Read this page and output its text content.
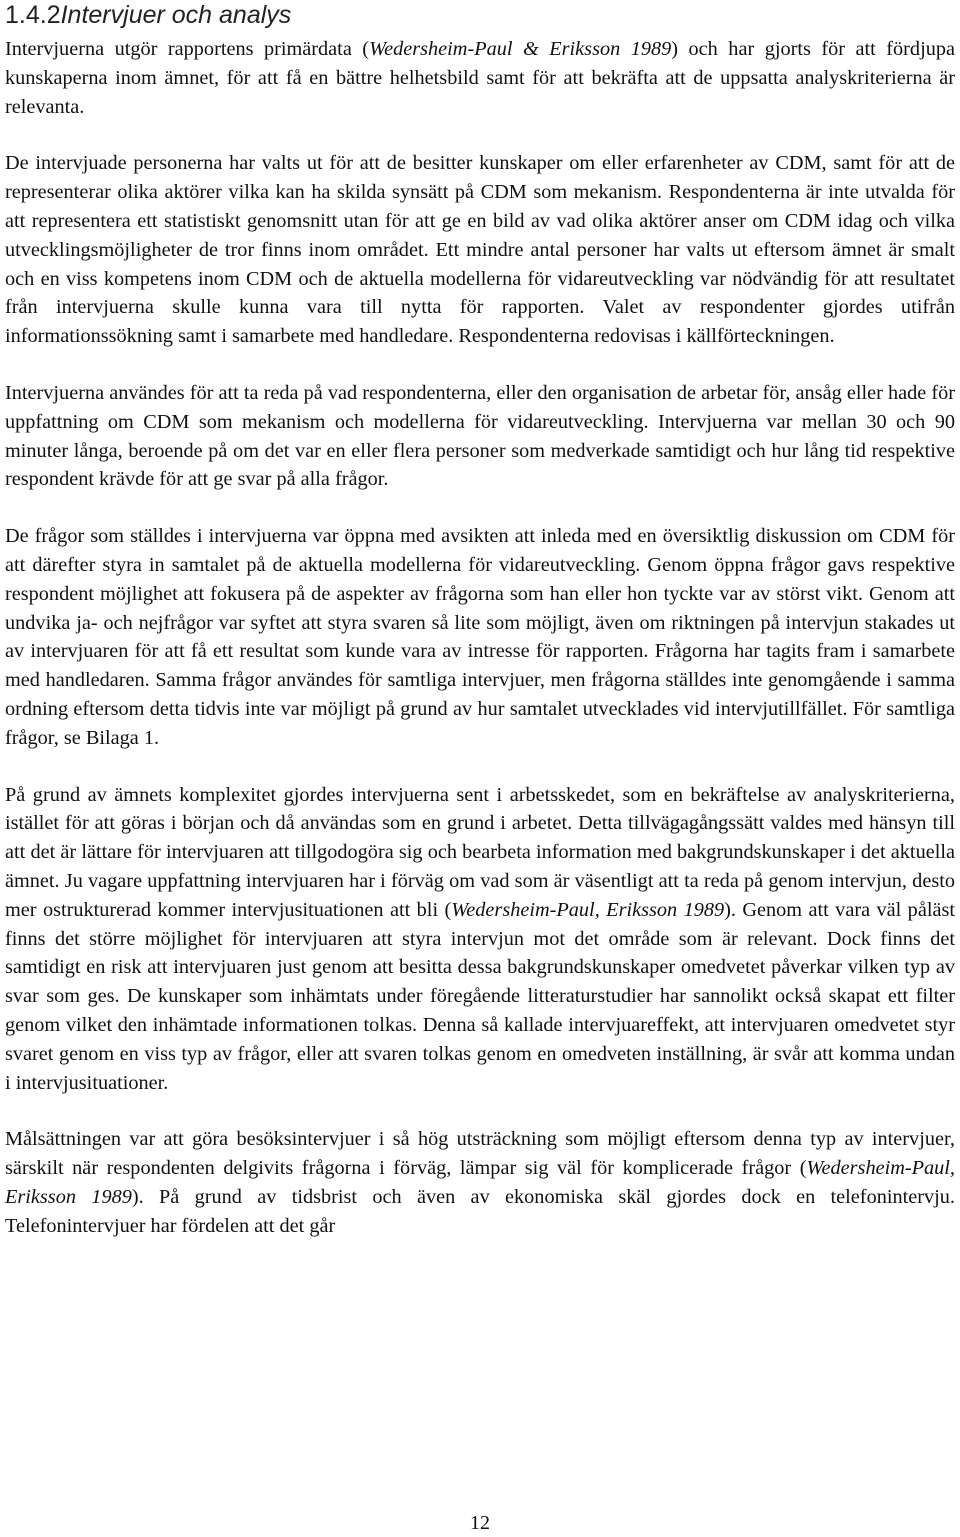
1.4.2Intervjuer och analys

Intervjuerna utgör rapportens primärdata (Wedersheim-Paul & Eriksson 1989) och har gjorts för att fördjupa kunskaperna inom ämnet, för att få en bättre helhetsbild samt för att bekräfta att de uppsatta analyskriterierna är relevanta.

De intervjuade personerna har valts ut för att de besitter kunskaper om eller erfarenheter av CDM, samt för att de representerar olika aktörer vilka kan ha skilda synsätt på CDM som mekanism. Respondenterna är inte utvalda för att representera ett statistiskt genomsnitt utan för att ge en bild av vad olika aktörer anser om CDM idag och vilka utvecklingsmöjligheter de tror finns inom området. Ett mindre antal personer har valts ut eftersom ämnet är smalt och en viss kompetens inom CDM och de aktuella modellerna för vidareutveckling var nödvändig för att resultatet från intervjuerna skulle kunna vara till nytta för rapporten. Valet av respondenter gjordes utifrån informationssökning samt i samarbete med handledare. Respondenterna redovisas i källförteckningen.

Intervjuerna användes för att ta reda på vad respondenterna, eller den organisation de arbetar för, ansåg eller hade för uppfattning om CDM som mekanism och modellerna för vidareutveckling. Intervjuerna var mellan 30 och 90 minuter långa, beroende på om det var en eller flera personer som medverkade samtidigt och hur lång tid respektive respondent krävde för att ge svar på alla frågor.

De frågor som ställdes i intervjuerna var öppna med avsikten att inleda med en översiktlig diskussion om CDM för att därefter styra in samtalet på de aktuella modellerna för vidareutveckling. Genom öppna frågor gavs respektive respondent möjlighet att fokusera på de aspekter av frågorna som han eller hon tyckte var av störst vikt. Genom att undvika ja- och nejfrågor var syftet att styra svaren så lite som möjligt, även om riktningen på intervjun stakades ut av intervjuaren för att få ett resultat som kunde vara av intresse för rapporten. Frågorna har tagits fram i samarbete med handledaren. Samma frågor användes för samtliga intervjuer, men frågorna ställdes inte genomgående i samma ordning eftersom detta tidvis inte var möjligt på grund av hur samtalet utvecklades vid intervjutillfället. För samtliga frågor, se Bilaga 1.

På grund av ämnets komplexitet gjordes intervjuerna sent i arbetsskedet, som en bekräftelse av analyskriterierna, istället för att göras i början och då användas som en grund i arbetet. Detta tillvägagångssätt valdes med hänsyn till att det är lättare för intervjuaren att tillgodogöra sig och bearbeta information med bakgrundskunskaper i det aktuella ämnet. Ju vagare uppfattning intervjuaren har i förväg om vad som är väsentligt att ta reda på genom intervjun, desto mer ostrukturerad kommer intervjusituationen att bli (Wedersheim-Paul, Eriksson 1989). Genom att vara väl påläst finns det större möjlighet för intervjuaren att styra intervjun mot det område som är relevant. Dock finns det samtidigt en risk att intervjuaren just genom att besitta dessa bakgrundskunskaper omedvetet påverkar vilken typ av svar som ges. De kunskaper som inhämtats under föregående litteraturstudier har sannolikt också skapat ett filter genom vilket den inhämtade informationen tolkas. Denna så kallade intervjuareffekt, att intervjuaren omedvetet styr svaret genom en viss typ av frågor, eller att svaren tolkas genom en omedveten inställning, är svår att komma undan i intervjusituationer.

Målsättningen var att göra besöksintervjuer i så hög utsträckning som möjligt eftersom denna typ av intervjuer, särskilt när respondenten delgivits frågorna i förväg, lämpar sig väl för komplicerade frågor (Wedersheim-Paul, Eriksson 1989). På grund av tidsbrist och även av ekonomiska skäl gjordes dock en telefonintervju. Telefonintervjuer har fördelen att det går

12
